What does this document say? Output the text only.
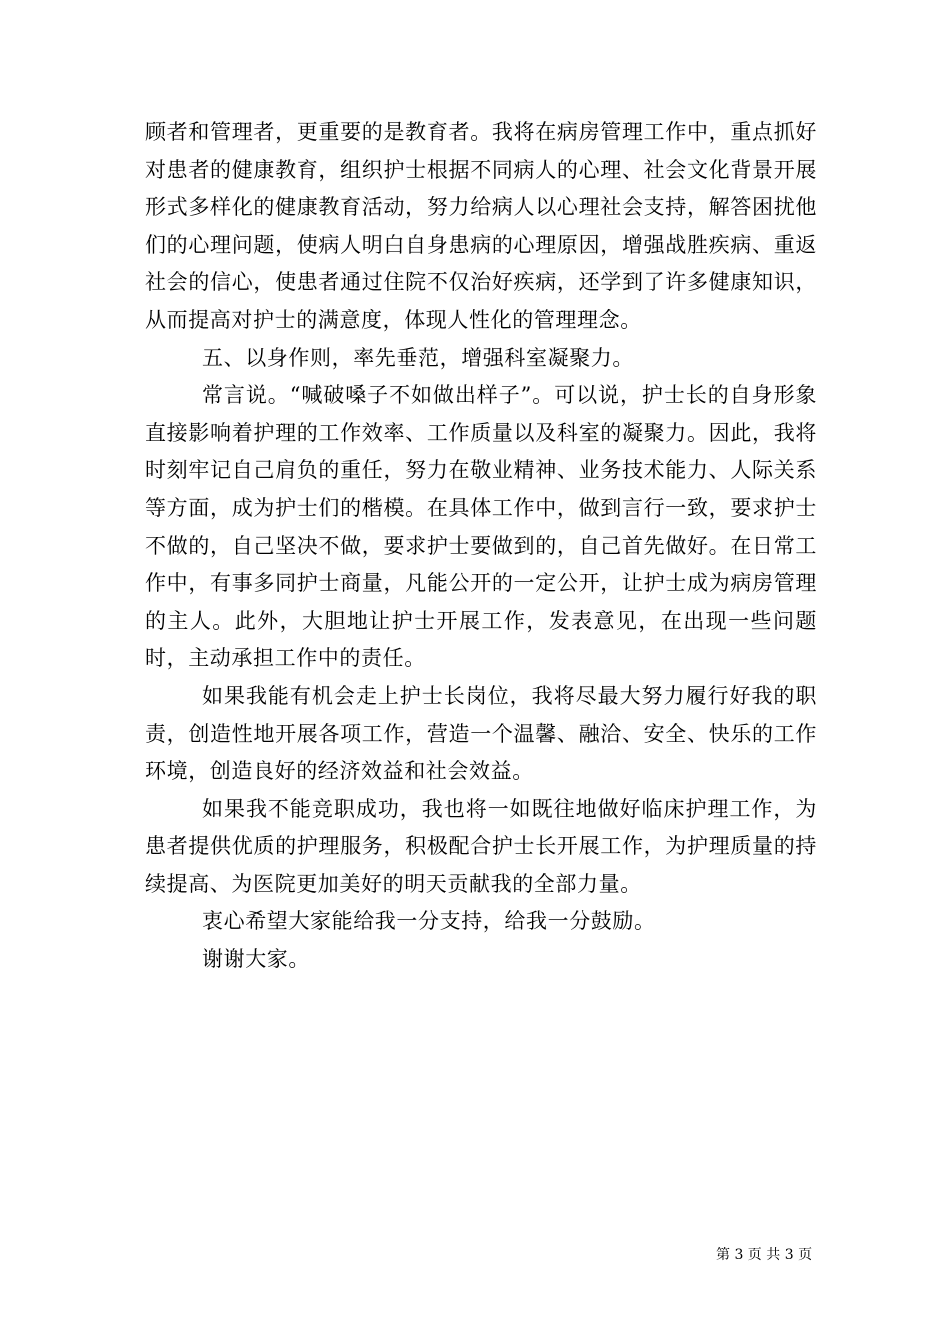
顾者和管理者，更重要的是教育者。我将在病房管理工作中，重点抓好对患者的健康教育，组织护士根据不同病人的心理、社会文化背景开展形式多样化的健康教育活动，努力给病人以心理社会支持，解答困扰他们的心理问题，使病人明白自身患病的心理原因，增强战胜疾病、重返社会的信心，使患者通过住院不仅治好疾病，还学到了许多健康知识，从而提高对护士的满意度，体现人性化的管理理念。

五、以身作则，率先垂范，增强科室凝聚力。

常言说。“喊破嗓子不如做出样子”。可以说，护士长的自身形象直接影响着护理的工作效率、工作质量以及科室的凝聚力。因此，我将时刻牢记自己肩负的重任，努力在敬业精神、业务技术能力、人际关系等方面，成为护士们的楷模。在具体工作中，做到言行一致，要求护士不做的，自己坚决不做，要求护士要做到的，自己首先做好。在日常工作中，有事多同护士商量，凡能公开的一定公开，让护士成为病房管理的主人。此外，大胆地让护士开展工作，发表意见，在出现一些问题时，主动承担工作中的责任。

如果我能有机会走上护士长岗位，我将尽最大努力履行好我的职责，创造性地开展各项工作，营造一个温馨、融洽、安全、快乐的工作环境，创造良好的经济效益和社会效益。

如果我不能竞职成功，我也将一如既往地做好临床护理工作，为患者提供优质的护理服务，积极配合护士长开展工作，为护理质量的持续提高、为医院更加美好的明天贡献我的全部力量。

衷心希望大家能给我一分支持，给我一分鼓励。

谢谢大家。

第 3 页 共 3 页
